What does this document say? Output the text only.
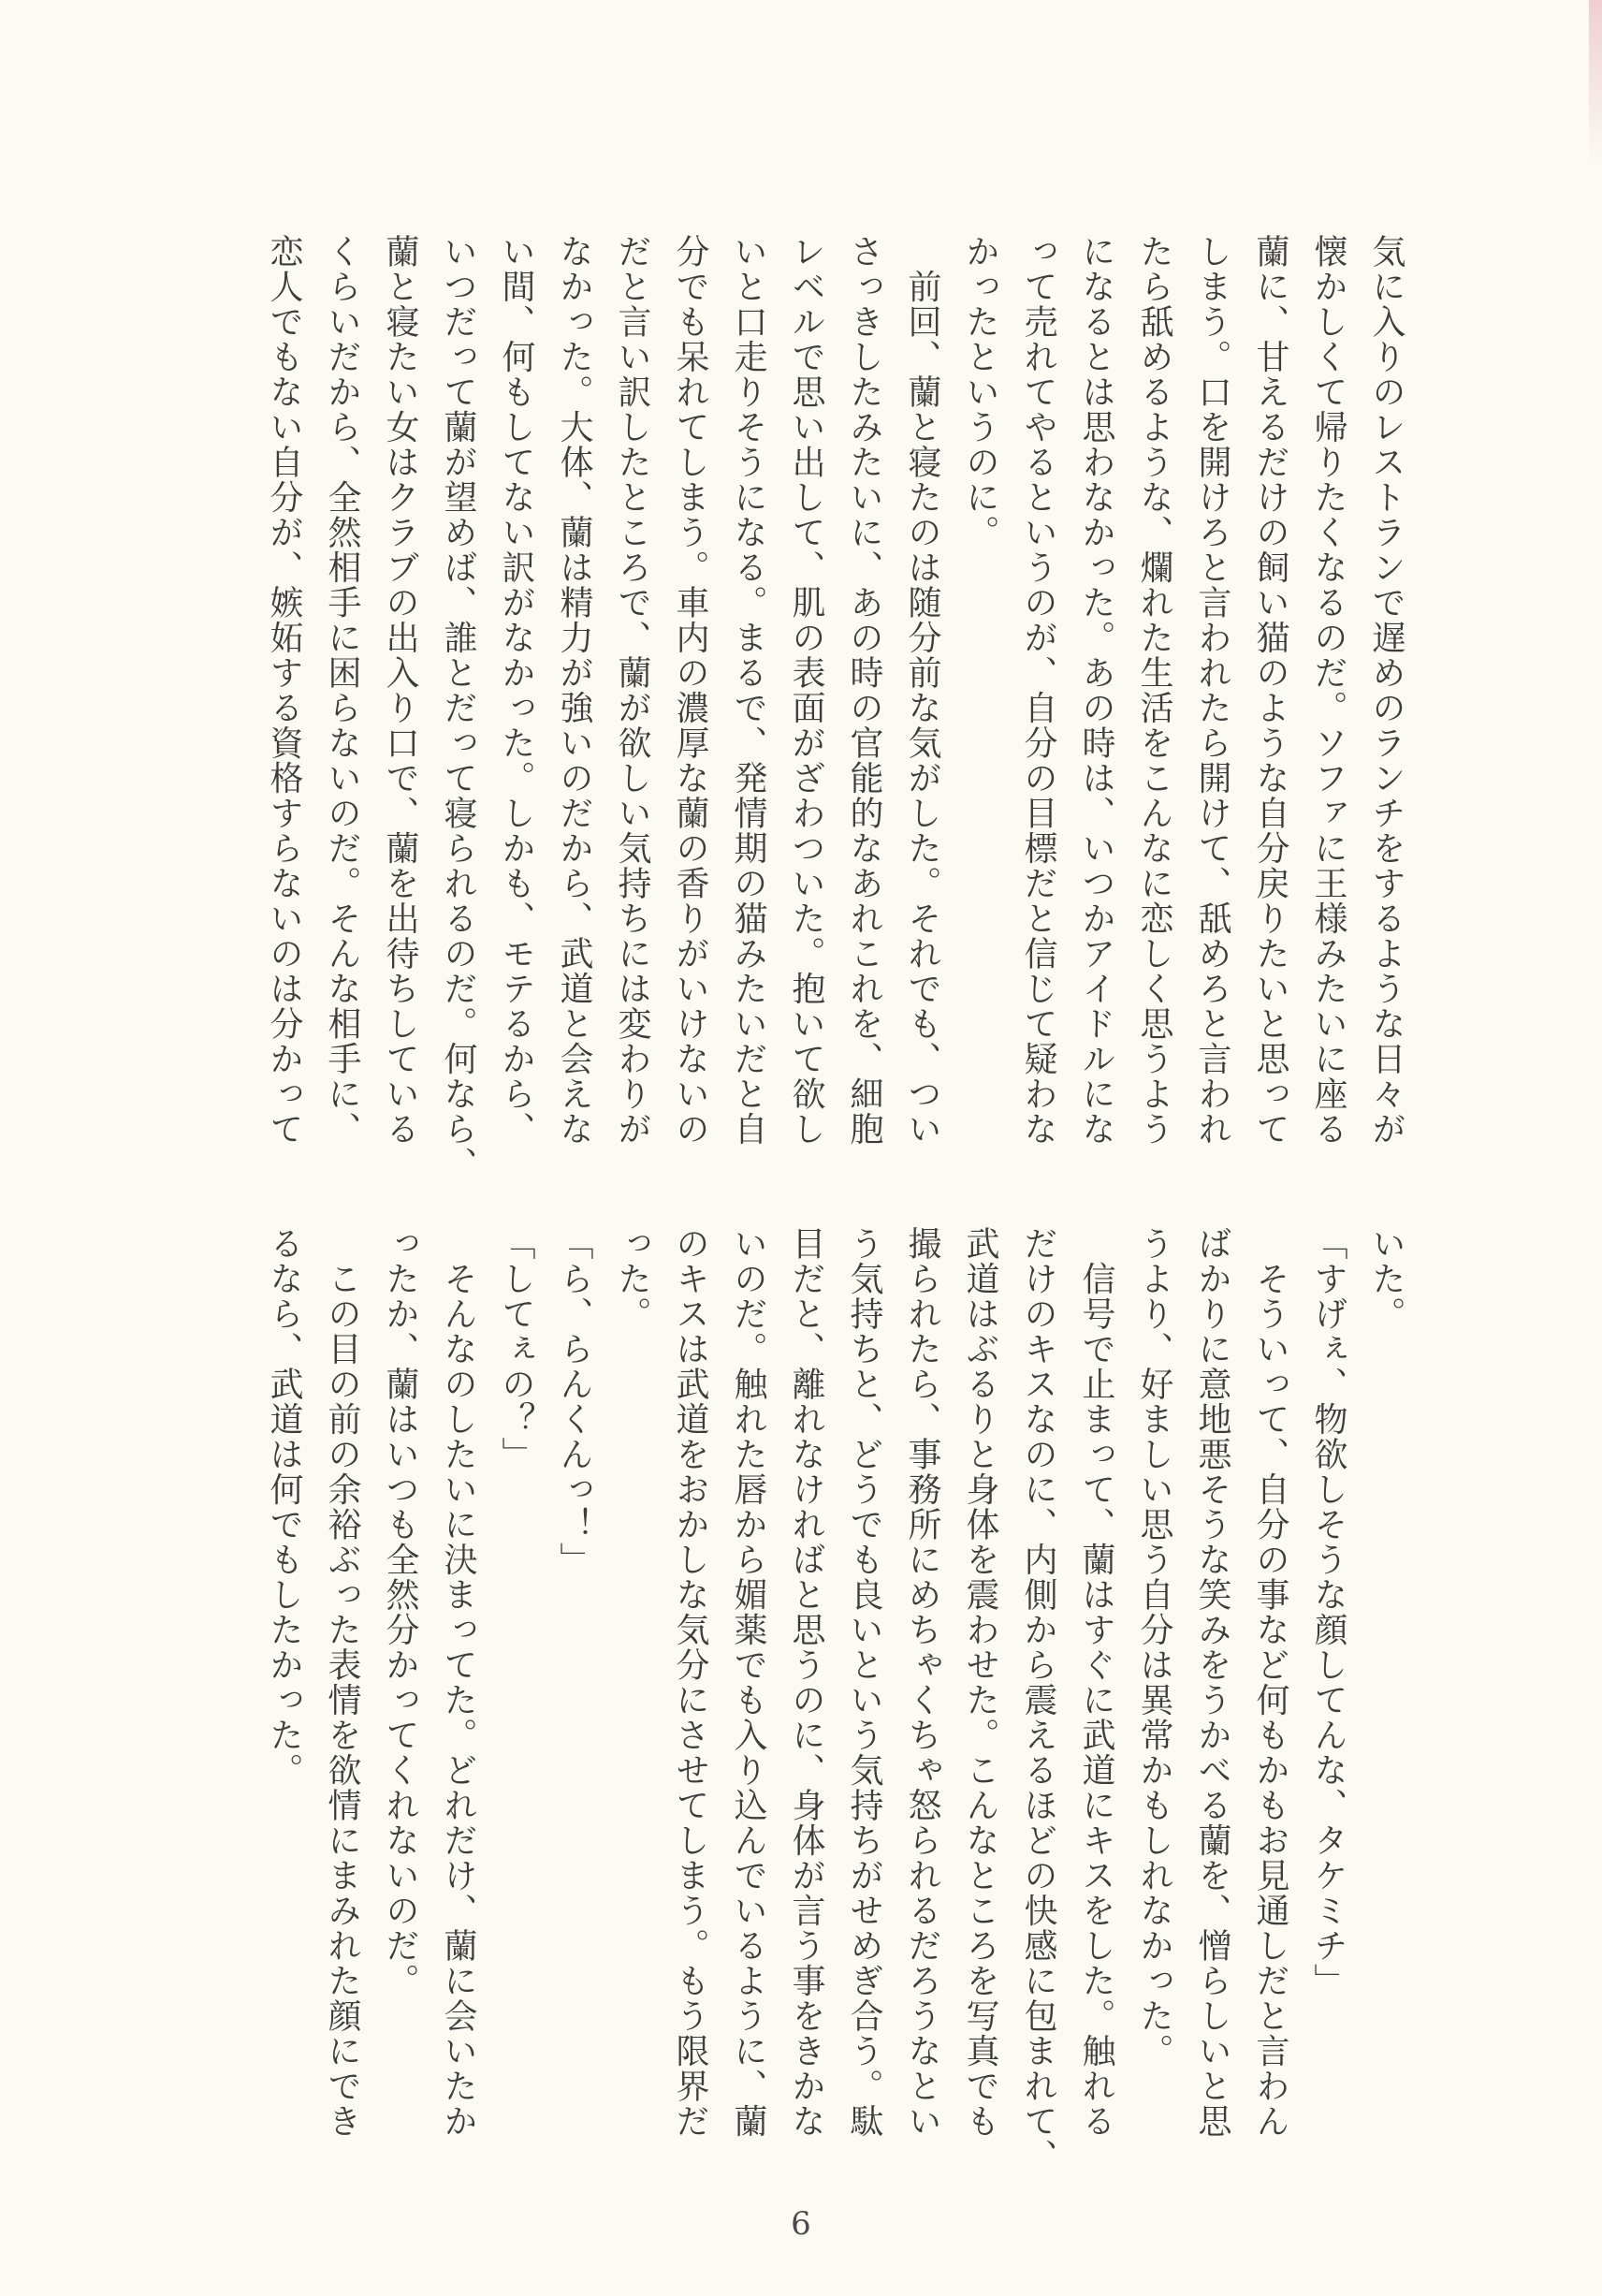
気に入りのレストランで遅めのランチをするような日々が
懐かしくて帰りたくなるのだ。ソファに王様みたいに座る
蘭に、甘えるだけの飼い猫のような自分戻りたいと思って
しまう。口を開けろと言われたら開けて、舐めろと言われ
たら舐めるような、爛れた生活をこんなに恋しく思うよう
になるとは思わなかった。あの時は、いつかアイドルにな
って売れてやるというのが、自分の目標だと信じて疑わな
かったというのに。
　前回、蘭と寝たのは随分前な気がした。それでも、つい
さっきしたみたいに、あの時の官能的なあれこれを、細胞
レベルで思い出して、肌の表面がざわついた。抱いて欲し
いと口走りそうになる。まるで、発情期の猫みたいだと自
分でも呆れてしまう。車内の濃厚な蘭の香りがいけないの
だと言い訳したところで、蘭が欲しい気持ちには変わりが
なかった。大体、蘭は精力が強いのだから、武道と会えな
い間、何もしてない訳がなかった。しかも、モテるから、
いつだって蘭が望めば、誰とだって寝られるのだ。何なら、
蘭と寝たい女はクラブの出入り口で、蘭を出待ちしている
くらいだから、全然相手に困らないのだ。そんな相手に、
恋人でもない自分が、嫉妬する資格すらないのは分かって
いた。
「すげぇ、物欲しそうな顔してんな、タケミチ」
　そういって、自分の事など何もかもお見通しだと言わん
ばかりに意地悪そうな笑みをうかべる蘭を、憎らしいと思
うより、好ましい思う自分は異常かもしれなかった。
　信号で止まって、蘭はすぐに武道にキスをした。触れる
だけのキスなのに、内側から震えるほどの快感に包まれて、
武道はぶるりと身体を震わせた。こんなところを写真でも
撮られたら、事務所にめちゃくちゃ怒られるだろうなとい
う気持ちと、どうでも良いという気持ちがせめぎ合う。駄
目だと、離れなければと思うのに、身体が言う事をきかな
いのだ。触れた唇から媚薬でも入り込んでいるように、蘭
のキスは武道をおかしな気分にさせてしまう。もう限界だ
った。
「ら、らんくんっ！」
「してぇの？」
　そんなのしたいに決まってた。どれだけ、蘭に会いたか
ったか、蘭はいつも全然分かってくれないのだ。
　この目の前の余裕ぶった表情を欲情にまみれた顔にでき
るなら、武道は何でもしたかった。
6
